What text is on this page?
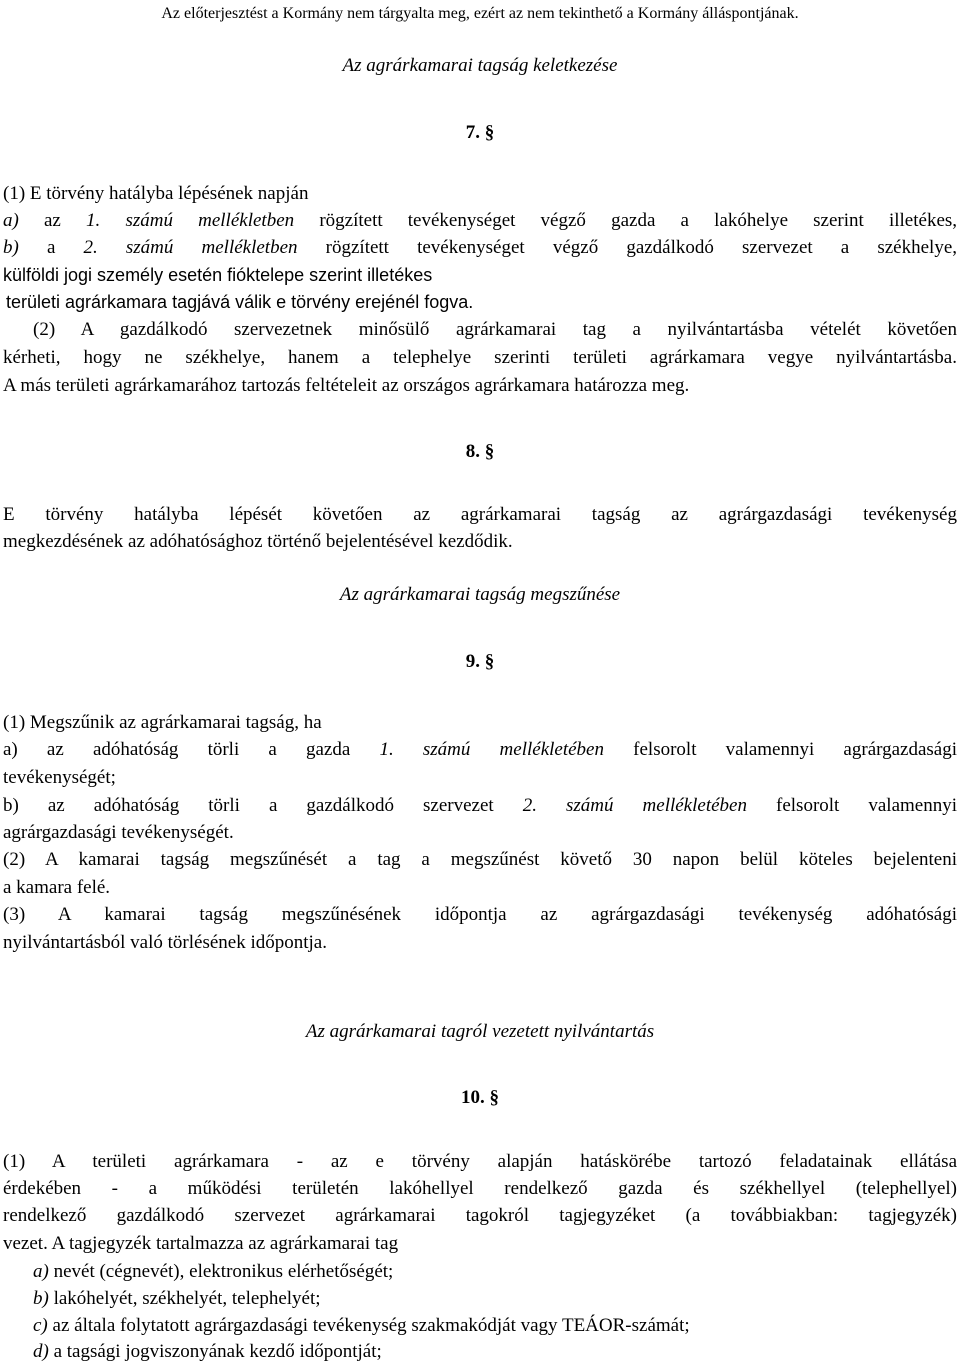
Az előterjesztést a Kormány nem tárgyalta meg, ezért az nem tekinthető a Kormány álláspontjának.
Az agrárkamarai tagság keletkezése
7. §
(1) E törvény hatályba lépésének napján
a) az 1. számú mellékletben rögzített tevékenységet végző gazda a lakóhelye szerint illetékes,
b) a 2. számú mellékletben rögzített tevékenységet végző gazdálkodó szervezet a székhelye,
külföldi jogi személy esetén fióktelepe szerint illetékes
területi agrárkamara tagjává válik e törvény erejénél fogva.
(2) A gazdálkodó szervezetnek minősülő agrárkamarai tag a nyilvántartásba vételét követően
kérheti, hogy ne székhelye, hanem a telephelye szerinti területi agrárkamara vegye nyilvántartásba.
A más területi agrárkamarához tartozás feltételeit az országos agrárkamara határozza meg.
8. §
E törvény hatályba lépését követően az agrárkamarai tagság az agrárgazdasági tevékenység
megkezdésének az adóhatósághoz történő bejelentésével kezdődik.
Az agrárkamarai tagság megszűnése
9. §
(1) Megszűnik az agrárkamarai tagság, ha
a) az adóhatóság törli a gazda 1. számú mellékletében felsorolt valamennyi agrárgazdasági
tevékenységét;
b) az adóhatóság törli a gazdálkodó szervezet 2. számú mellékletében felsorolt valamennyi
agrárgazdasági tevékenységét.
(2) A kamarai tagság megszűnését a tag a megszűnést követő 30 napon belül köteles bejelenteni
a kamara felé.
(3) A kamarai tagság megszűnésének időpontja az agrárgazdasági tevékenység adóhatósági
nyilvántartásból való törlésének időpontja.
Az agrárkamarai tagról vezetett nyilvántartás
10. §
(1) A területi agrárkamara - az e törvény alapján hatáskörébe tartozó feladatainak ellátása
érdekében - a működési területén lakóhellyel rendelkező gazda és székhellyel (telephellyel)
rendelkező gazdálkodó szervezet agrárkamarai tagokról tagjegyzéket (a továbbiakban: tagjegyzék)
vezet. A tagjegyzék tartalmazza az agrárkamarai tag
a) nevét (cégnevét), elektronikus elérhetőségét;
b) lakóhelyét, székhelyét, telephelyét;
c) az általa folytatott agrárgazdasági tevékenység szakmakódját vagy TEÁOR-számát;
d) a tagsági jogviszonyának kezdő időpontját;
